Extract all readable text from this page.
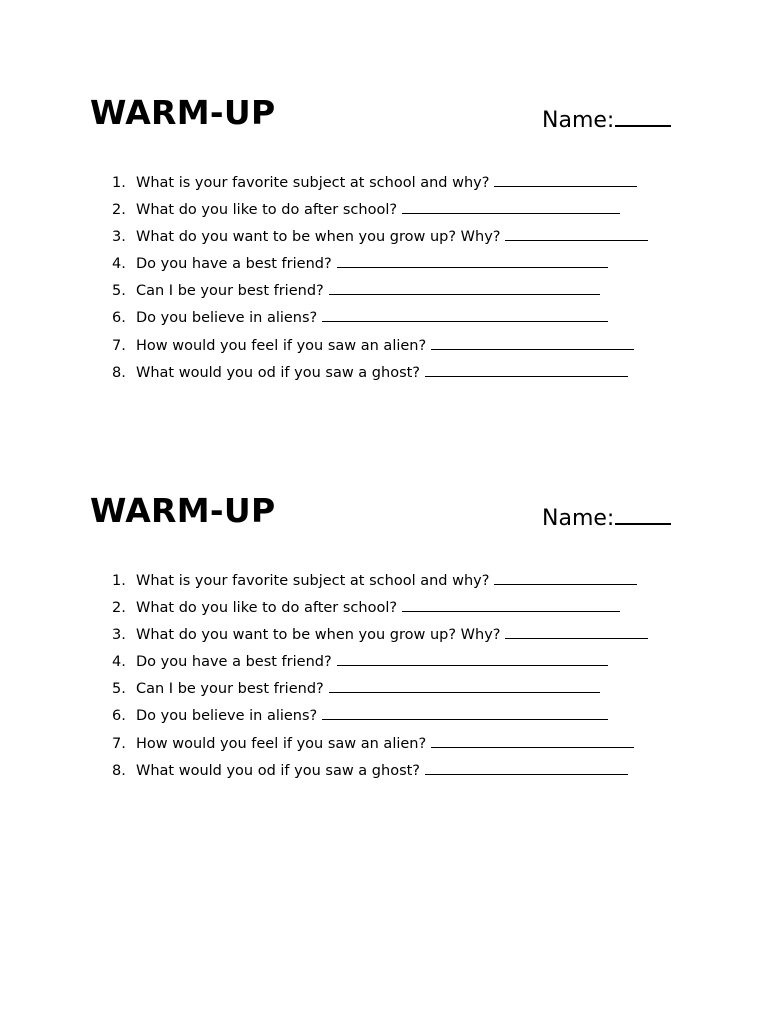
WARM-UP	Name:
1. What is your favorite subject at school and why?
2. What do you like to do after school?
3. What do you want to be when you grow up? Why?
4. Do you have a best friend?
5. Can I be your best friend?
6. Do you believe in aliens?
7. How would you feel if you saw an alien?
8. What would you od if you saw a ghost?
WARM-UP	Name:
1. What is your favorite subject at school and why?
2. What do you like to do after school?
3. What do you want to be when you grow up? Why?
4. Do you have a best friend?
5. Can I be your best friend?
6. Do you believe in aliens?
7. How would you feel if you saw an alien?
8. What would you od if you saw a ghost?
